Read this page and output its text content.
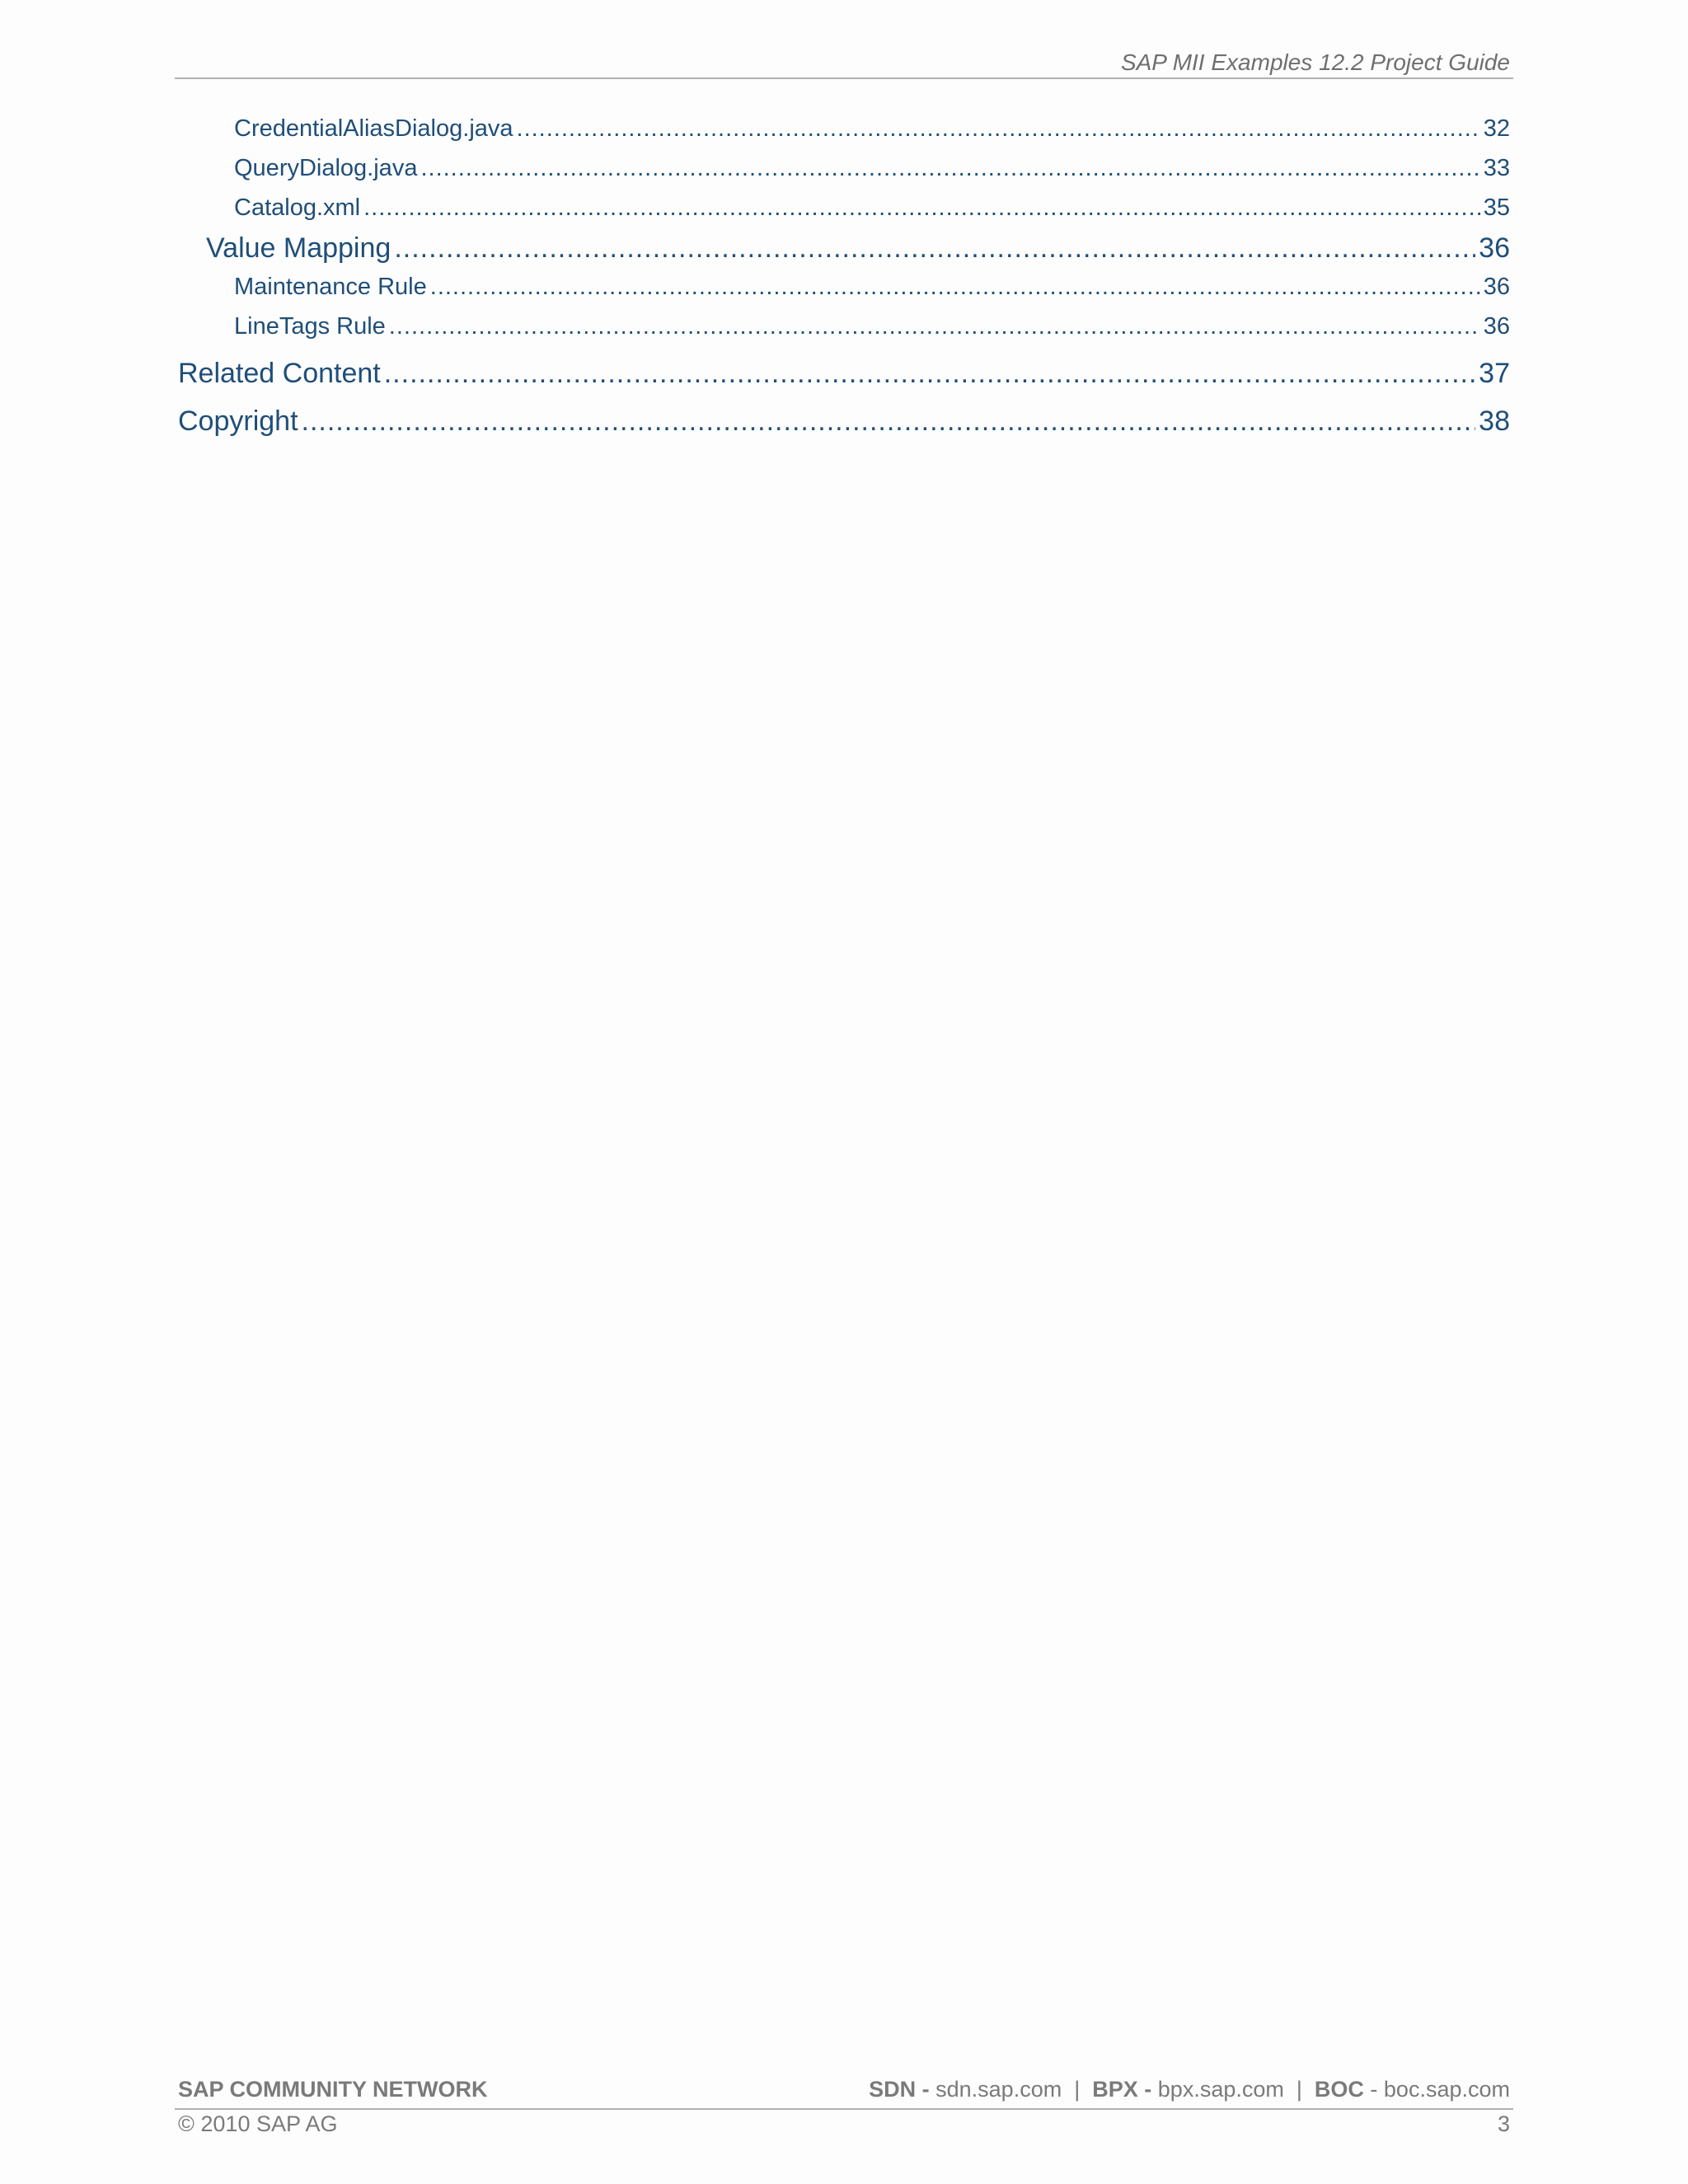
SAP MII Examples 12.2 Project Guide
CredentialAliasDialog.java .....	32
QueryDialog.java .....	33
Catalog.xml .....	35
Value Mapping .....	36
Maintenance Rule .....	36
LineTags Rule .....	36
Related Content .....	37
Copyright .....	38
SAP COMMUNITY NETWORK	SDN - sdn.sap.com | BPX - bpx.sap.com | BOC - boc.sap.com
© 2010 SAP AG	3
